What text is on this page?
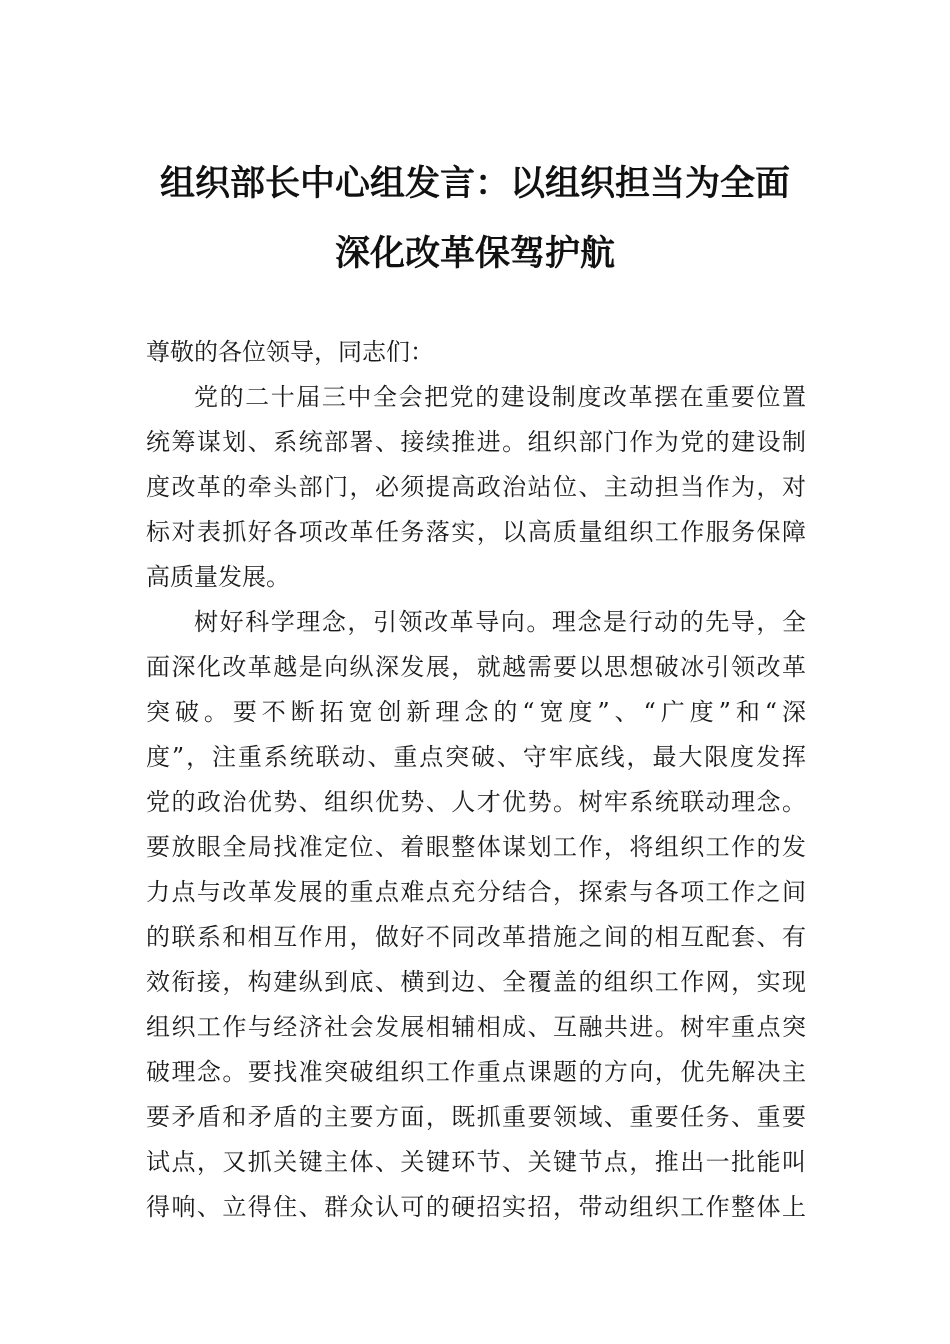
组织部长中心组发言：以组织担当为全面
深化改革保驾护航
尊敬的各位领导，同志们：
党的二十届三中全会把党的建设制度改革摆在重要位置
统筹谋划、系统部署、接续推进。组织部门作为党的建设制
度改革的牵头部门，必须提高政治站位、主动担当作为，对
标对表抓好各项改革任务落实，以高质量组织工作服务保障
高质量发展。
树好科学理念，引领改革导向。理念是行动的先导，全
面深化改革越是向纵深发展，就越需要以思想破冰引领改革
突破。要不断拓宽创新理念的“宽度”、“广度”和“深
度”，注重系统联动、重点突破、守牢底线，最大限度发挥
党的政治优势、组织优势、人才优势。树牢系统联动理念。
要放眼全局找准定位、着眼整体谋划工作，将组织工作的发
力点与改革发展的重点难点充分结合，探索与各项工作之间
的联系和相互作用，做好不同改革措施之间的相互配套、有
效衔接，构建纵到底、横到边、全覆盖的组织工作网，实现
组织工作与经济社会发展相辅相成、互融共进。树牢重点突
破理念。要找准突破组织工作重点课题的方向，优先解决主
要矛盾和矛盾的主要方面，既抓重要领域、重要任务、重要
试点，又抓关键主体、关键环节、关键节点，推出一批能叫
得响、立得住、群众认可的硬招实招，带动组织工作整体上
